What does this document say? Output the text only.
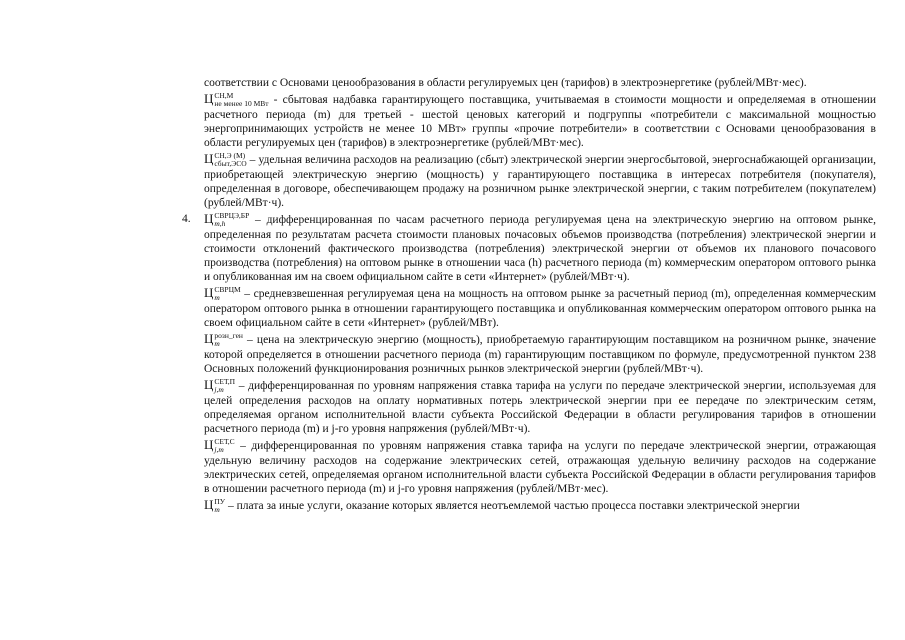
соответствии с Основами ценообразования в области регулируемых цен (тарифов) в электроэнергетике (рублей/МВт·мес).

Ц СН,М
не менее 10 МВт - сбытовая надбавка гарантирующего поставщика, учитываемая в стоимости мощности и определяемая в отношении расчетного периода (m) для третьей - шестой ценовых категорий и подгруппы «потребители с максимальной мощностью энергопринимающих устройств не менее 10 МВт» группы «прочие потребители» в соответствии с Основами ценообразования в области регулируемых цен (тарифов) в электроэнергетике (рублей/МВт·мес).

Ц СН,Э (М)
сбыт,ЭСО – удельная величина расходов на реализацию (сбыт) электрической энергии энергосбытовой, энергоснабжающей организации, приобретающей электрическую энергию (мощность) у гарантирующего поставщика в интересах потребителя (покупателя), определенная в договоре, обеспечивающем продажу на розничном рынке электрической энергии, с таким потребителем (покупателем) (рублей/МВт·ч).

4. Ц СВРЦЭ,БР
m,h	– дифференцированная по часам расчетного периода регулируемая цена на электрическую энергию на оптовом рынке, определенная по результатам расчета стоимости плановых почасовых объемов производства (потребления) электрической энергии и стоимости отклонений фактического производства (потребления) электрической энергии от объемов их планового почасового производства (потребления) на оптовом рынке в отношении часа (h) расчетного периода (m) коммерческим оператором оптового рынка и опубликованная им на своем официальном сайте в сети «Интернет» (рублей/МВт·ч).

Ц СВРЦМ
m	– средневзвешенная регулируемая цена на мощность на оптовом рынке за расчетный период (m), определенная коммерческим оператором оптового рынка в отношении гарантирующего поставщика и опубликованная коммерческим оператором оптового рынка на своем официальном сайте в сети «Интернет» (рублей/МВт).

Ц розн_ген
m	– цена на электрическую энергию (мощность), приобретаемую гарантирующим поставщиком на розничном рынке, значение которой определяется в отношении расчетного периода (m) гарантирующим поставщиком по формуле, предусмотренной пунктом 238 Основных положений функционирования розничных рынков электрической энергии (рублей/МВт·ч).

Ц СЕТ,П
j,m – дифференцированная по уровням напряжения ставка тарифа на услуги по передаче электрической энергии, используемая для целей определения расходов на оплату нормативных потерь электрической энергии при ее передаче по электрическим сетям, определяемая органом исполнительной власти субъекта Российской Федерации в области регулирования тарифов в отношении расчетного периода (m) и j-го уровня напряжения (рублей/МВт·ч).

Ц СЕТ,С
j,m – дифференцированная по уровням напряжения ставка тарифа на услуги по передаче электрической энергии, отражающая удельную величину расходов на содержание электрических сетей, отражающая удельную величину расходов на содержание электрических сетей, определяемая органом исполнительной власти субъекта Российской Федерации в области регулирования тарифов в отношении расчетного периода (m) и j-го уровня напряжения (рублей/МВт·мес).

Ц ПУ
m – плата за иные услуги, оказание которых является неотъемлемой частью процесса поставки электрической энергии
